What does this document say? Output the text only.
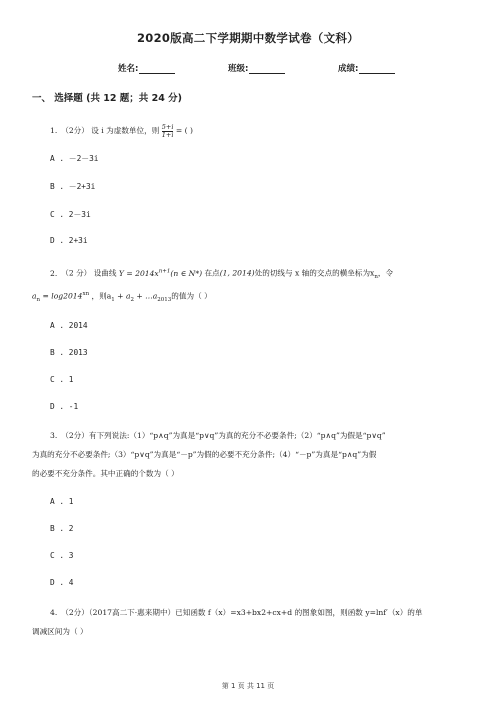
2020版高二下学期期中数学试卷（文科）
姓名:	班级:	成绩:
一、 选择题 (共 12 题；共 24 分)
1. （2分） 设 i 为虚数单位，则 $\frac{5+i}{1+i}$ = ( )
A . －2－3i
B . －2+3i
C . 2－3i
D . 2+3i
2. （2 分） 设曲线 $Y = 2014x^{n+1}(n$ ∈ N*) 在点(1, 2014)处的切线与 x 轴的交点的横坐标为$x_n$，令
$a_n = \log 2014^{xn}$ ，则$a_1 + a_2$ + $\dots a_{2013}$的值为（ ）
A . 2014
B . 2013
C . 1
D . -1
3. （2分）有下列说法:（1）“p∧q”为真是“p∨q”为真的充分不必要条件;（2）“p∧q”为假是“p∨q”
为真的充分不必要条件;（3）“p∨q”为真是“－p”为假的必要不充分条件;（4）“－p”为真是“p∧q”为假
的必要不充分条件。其中正确的个数为（ ）
A . 1
B . 2
C . 3
D . 4
4. （2分）（2017高二下·惠来期中）已知函数 f（x）=x3+bx2+cx+d 的图象如图，则函数 y=lnf′（x）的单
调减区间为（ ）
第 1 页 共 11 页
